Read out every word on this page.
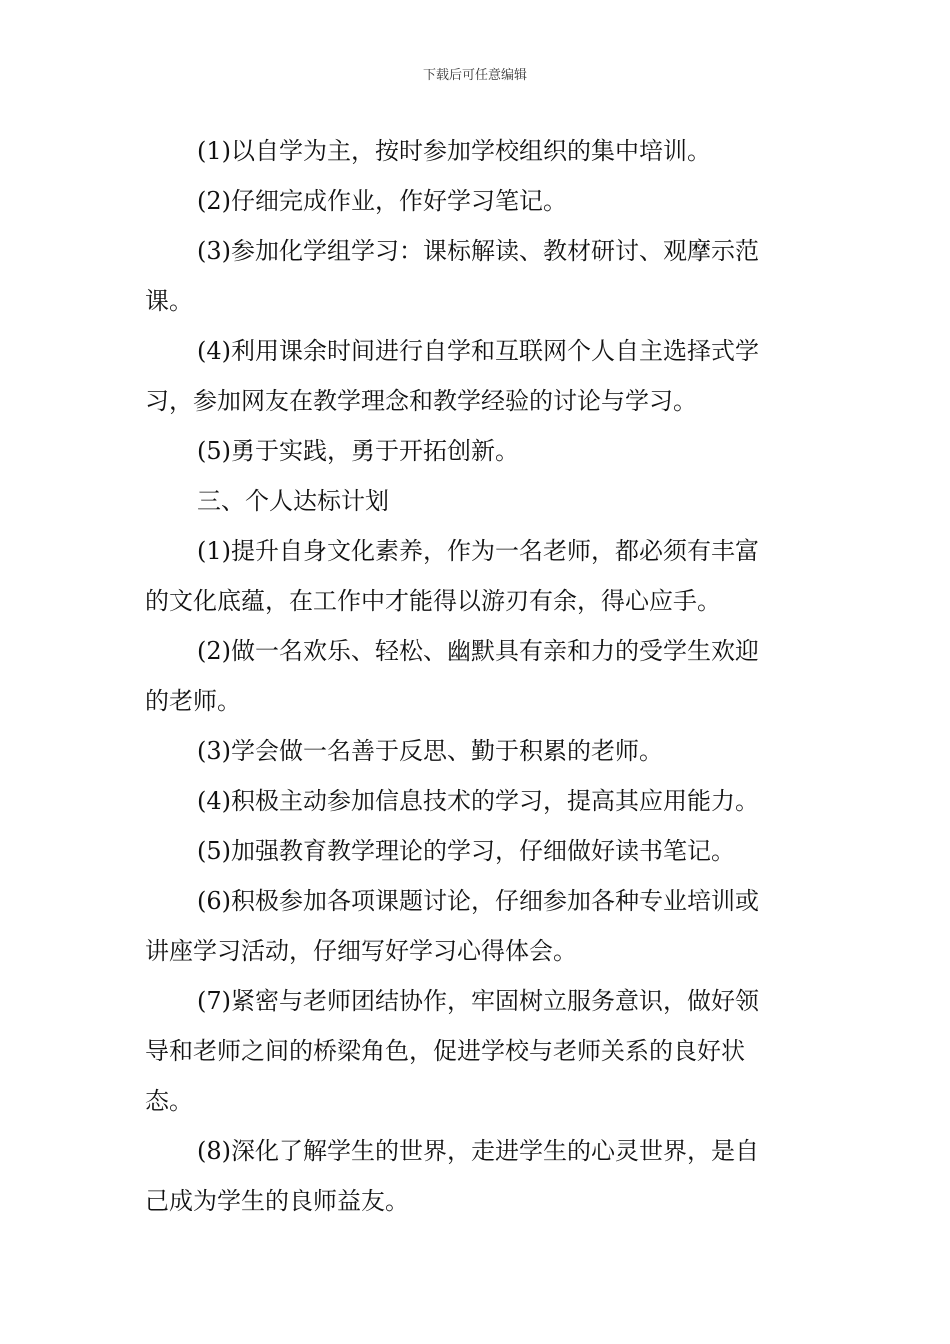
下载后可任意编辑
(1)以自学为主，按时参加学校组织的集中培训。
(2)仔细完成作业，作好学习笔记。
(3)参加化学组学习：课标解读、教材研讨、观摩示范
课。
(4)利用课余时间进行自学和互联网个人自主选择式学
习，参加网友在教学理念和教学经验的讨论与学习。
(5)勇于实践，勇于开拓创新。
三、个人达标计划
(1)提升自身文化素养，作为一名老师，都必须有丰富
的文化底蕴，在工作中才能得以游刃有余，得心应手。
(2)做一名欢乐、轻松、幽默具有亲和力的受学生欢迎
的老师。
(3)学会做一名善于反思、勤于积累的老师。
(4)积极主动参加信息技术的学习，提高其应用能力。
(5)加强教育教学理论的学习，仔细做好读书笔记。
(6)积极参加各项课题讨论，仔细参加各种专业培训或
讲座学习活动，仔细写好学习心得体会。
(7)紧密与老师团结协作，牢固树立服务意识，做好领
导和老师之间的桥梁角色，促进学校与老师关系的良好状
态。
(8)深化了解学生的世界，走进学生的心灵世界，是自
己成为学生的良师益友。
